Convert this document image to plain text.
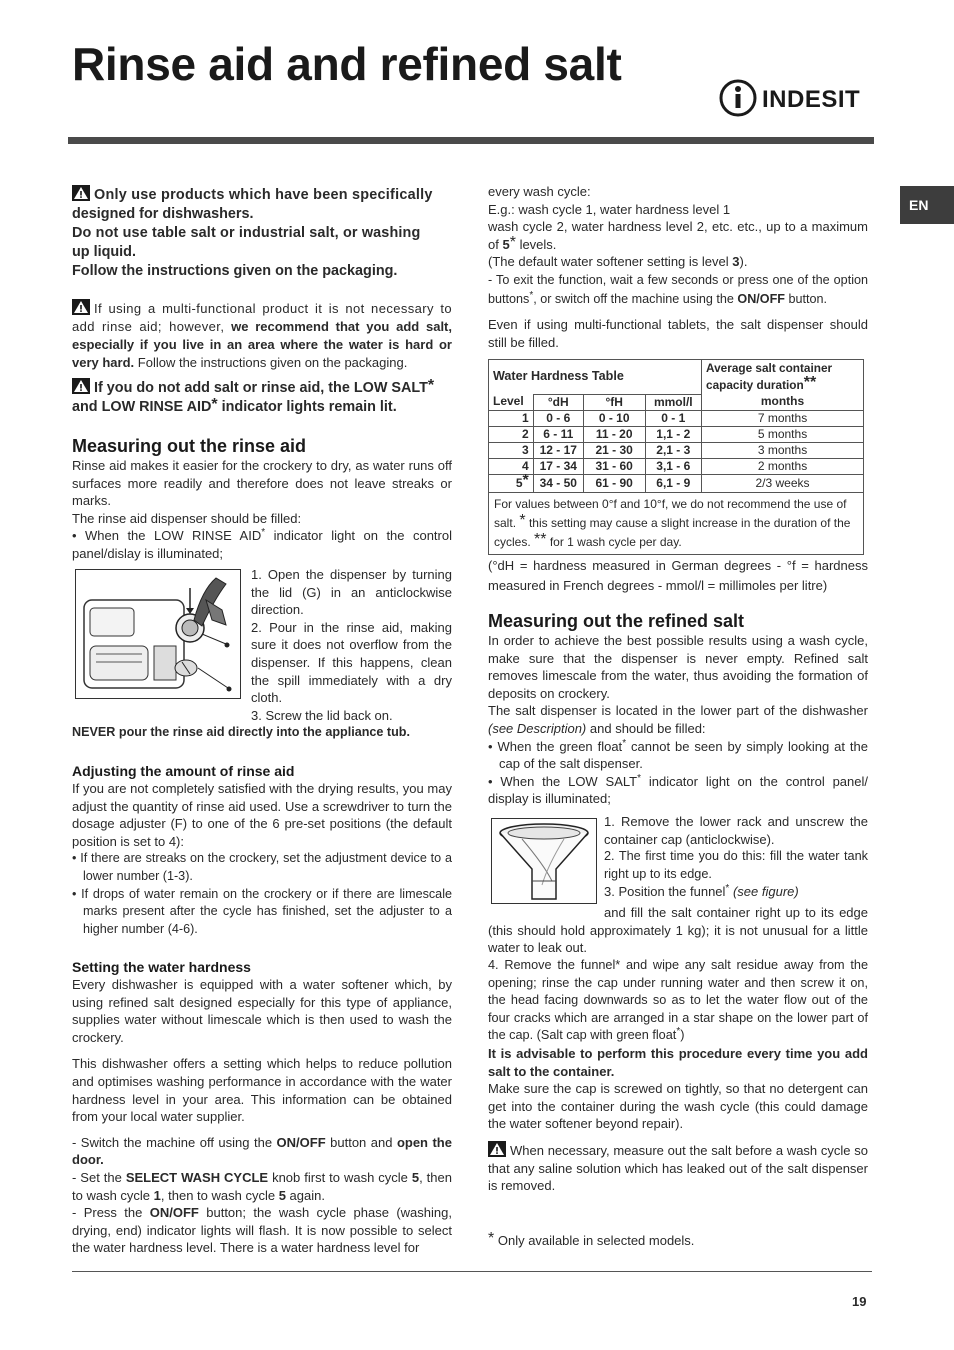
Rinse aid and refined salt
INDESIT
EN

Only use products which have been specifically

designed for dishwashers.

Do not use table salt or industrial salt, or washing

up liquid.

Follow the instructions given on the packaging.

If using a multi-functional product it is not necessary to add rinse aid; however, we recommend that you add salt, especially if you live in an area where the water is hard or very hard. Follow the instructions given on the packaging.

If you do not add salt or rinse aid, the LOW SALT*

and LOW RINSE AID* indicator lights remain lit.

Measuring out the rinse aid

Rinse aid makes it easier for the crockery to dry, as water runs off surfaces more readily and therefore does not leave streaks or marks.

The rinse aid dispenser should be filled:

• When the LOW RINSE AID* indicator light on the control panel/dislay is illuminated;

1. Open the dispenser by turning the lid (G) in an anticlockwise direction.

2. Pour in the rinse aid, making sure it does not overflow from the dispenser. If this happens, clean the spill immediately with a dry cloth.

3. Screw the lid back on.

NEVER pour the rinse aid directly into the appliance tub.
Adjusting the amount of rinse aid

If you are not completely satisfied with the drying results, you may adjust the quantity of rinse aid used. Use a screwdriver to turn the dosage adjuster (F) to one of the 6 pre-set positions (the default position is set to 4):

• If there are streaks on the crockery, set the adjustment device to a lower number (1-3).

• If drops of water remain on the crockery or if there are limescale marks present after the cycle has finished, set the adjuster to a higher number (4-6).

Setting the water hardness

Every dishwasher is equipped with a water softener which, by using refined salt designed especially for this type of appliance, supplies water without limescale which is then used to wash the crockery.

This dishwasher offers a setting which helps to reduce pollution and optimises washing performance in accordance with the water hardness level in your area. This information can be obtained from your local water supplier.

- Switch the machine off using the ON/OFF button and open the door.

- Set the SELECT WASH CYCLE knob first to wash cycle 5, then to wash cycle 1, then to wash cycle 5 again.

- Press the ON/OFF button; the wash cycle phase (washing, drying, end) indicator lights will flash. It is now possible to select the water hardness level. There is a water hardness level for

every wash cycle:

E.g.: wash cycle 1, water hardness level 1

wash cycle 2, water hardness level 2, etc. etc., up to a maximum of 5* levels.

(The default water softener setting is level 3).

- To exit the function, wait a few seconds or press one of the option buttons*, or switch off the machine using the ON/OFF button.

Even if using multi-functional tablets, the salt dispenser should still be filled.

Water Hardness Table				Average salt container capacity duration**
Level	°dH	°fH	mmol/l	months
1	0 - 6	0 - 10	0 - 1	7 months
2	6 - 11	11 - 20	1,1 - 2	5 months
3	12 - 17	21 - 30	2,1 - 3	3 months
4	17 - 34	31 - 60	3,1 - 6	2 months
5*	34 - 50	61 - 90	6,1 - 9	2/3 weeks
For values between 0°f and 10°f, we do not recommend the use of salt. * this setting may cause a slight increase in the duration of the cycles. ** for 1 wash cycle per day.				
(°dH = hardness measured in German degrees - °f = hardness measured in French degrees - mmol/l = millimoles per litre)
Measuring out the refined salt

In order to achieve the best possible results using a wash cycle, make sure that the dispenser is never empty. Refined salt removes limescale from the water, thus avoiding the formation of deposits on crockery.

The salt dispenser is located in the lower part of the dishwasher (see Description) and should be filled:

• When the green float* cannot be seen by simply looking at the cap of the salt dispenser.

• When the LOW SALT* indicator light on the control panel/ display is illuminated;

1. Remove the lower rack and unscrew the container cap (anticlockwise).

2. The first time you do this: fill the water tank right up to its edge.

3. Position the funnel* (see figure)

and fill the salt container right up to its edge (this should hold approximately 1 kg); it is not unusual for a little water to leak out.

4. Remove the funnel* and wipe any salt residue away from the opening; rinse the cap under running water and then screw it on, the head facing downwards so as to let the water flow out of the four cracks which are arranged in a star shape on the lower part of the cap. (Salt cap with green float*)

It is advisable to perform this procedure every time you add salt to the container.

Make sure the cap is screwed on tightly, so that no detergent can get into the container during the wash cycle (this could damage the water softener beyond repair).

When necessary, measure out the salt before a wash cycle so that any saline solution which has leaked out of the salt dispenser is removed.
* Only available in selected models.
19
